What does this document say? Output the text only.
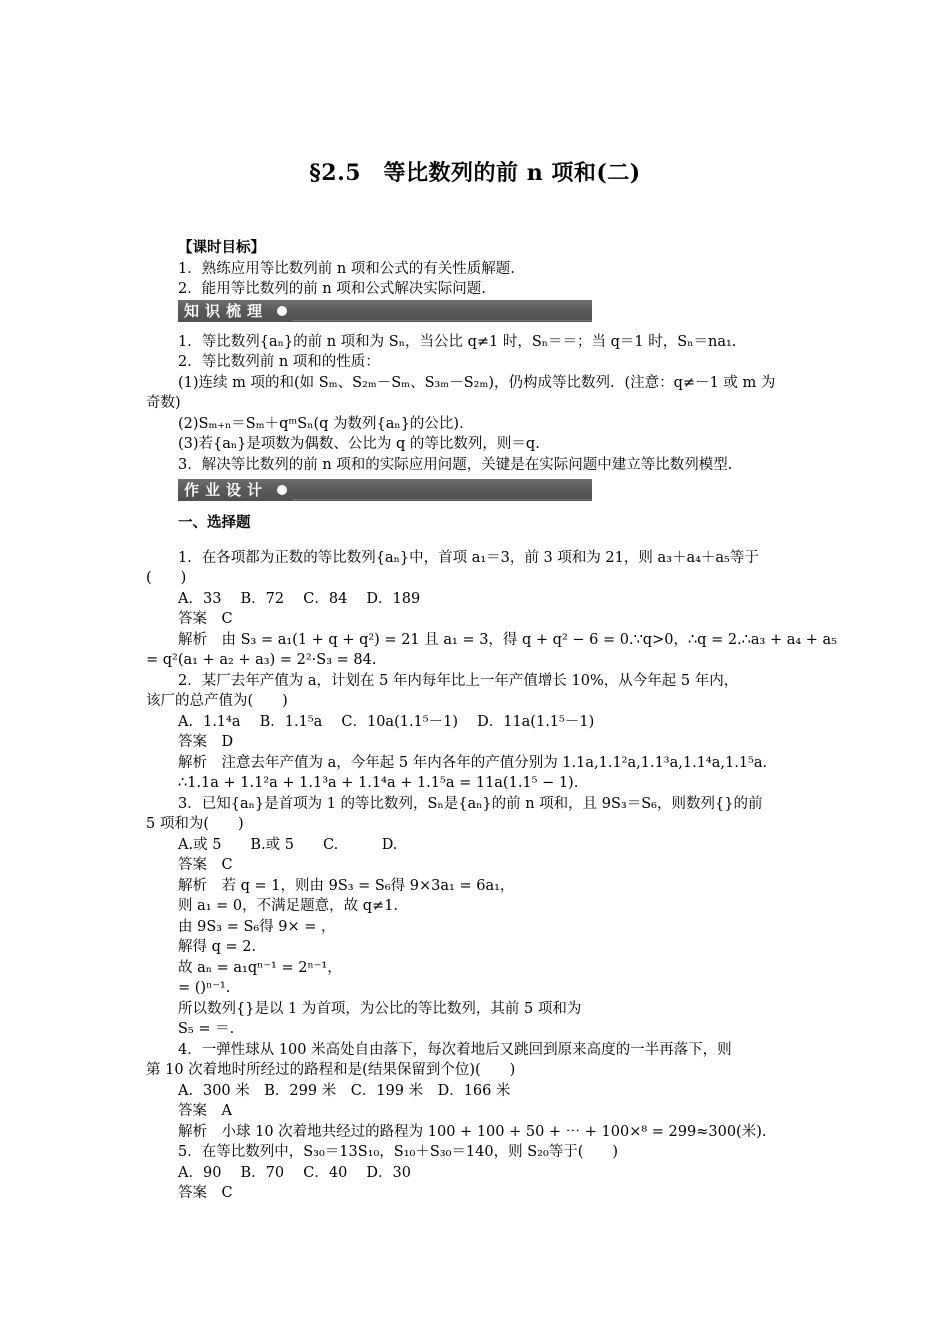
§2.5　等比数列的前 n 项和(二)
【课时目标】
1．熟练应用等比数列前 n 项和公式的有关性质解题.
2．能用等比数列的前 n 项和公式解决实际问题.
知识梳理
1．等比数列{aₙ}的前 n 项和为 Sₙ，当公比 q≠1 时，Sₙ＝＝；当 q＝1 时，Sₙ＝na₁.
2．等比数列前 n 项和的性质：
(1)连续 m 项的和(如 Sₘ、S₂ₘ－Sₘ、S₃ₘ－S₂ₘ)，仍构成等比数列．(注意：q≠－1 或 m 为
奇数)
(2)Sₘ₊ₙ＝Sₘ＋qᵐSₙ(q 为数列{aₙ}的公比)．
(3)若{aₙ}是项数为偶数、公比为 q 的等比数列，则＝q.
3．解决等比数列的前 n 项和的实际应用问题，关键是在实际问题中建立等比数列模型.
作业设计
一、选择题
1．在各项都为正数的等比数列{aₙ}中，首项 a₁＝3，前 3 项和为 21，则 a₃＋a₄＋a₅等于
(　　)
A．33　 B．72　 C．84　 D．189
答案　C
解析　由 S₃ = a₁(1 + q + q²) = 21 且 a₁ = 3，得 q + q² − 6 = 0.∵q>0，∴q = 2.∴a₃ + a₄ + a₅
= q²(a₁ + a₂ + a₃) = 2²·S₃ = 84.
2．某厂去年产值为 a，计划在 5 年内每年比上一年产值增长 10%，从今年起 5 年内，
该厂的总产值为(　　)
A．1.1⁴a　 B．1.1⁵a　 C．10a(1.1⁵－1)　 D．11a(1.1⁵－1)
答案　D
解析　注意去年产值为 a，今年起 5 年内各年的产值分别为 1.1a,1.1²a,1.1³a,1.1⁴a,1.1⁵a.
∴1.1a + 1.1²a + 1.1³a + 1.1⁴a + 1.1⁵a = 11a(1.1⁵ − 1).
3．已知{aₙ}是首项为 1 的等比数列，Sₙ是{aₙ}的前 n 项和，且 9S₃＝S₆，则数列{}的前
5 项和为(　　)
A.或 5　　B.或 5　　C.　　　D.
答案　C
解析　若 q = 1，则由 9S₃ = S₆得 9×3a₁ = 6a₁，
则 a₁ = 0，不满足题意，故 q≠1.
由 9S₃ = S₆得 9× = ，
解得 q = 2.
故 aₙ = a₁qⁿ⁻¹ = 2ⁿ⁻¹，
= ()ⁿ⁻¹.
所以数列{}是以 1 为首项，为公比的等比数列，其前 5 项和为
S₅ = ＝.
4．一弹性球从 100 米高处自由落下，每次着地后又跳回到原来高度的一半再落下，则
第 10 次着地时所经过的路程和是(结果保留到个位)(　　)
A．300 米　B．299 米　C．199 米　D．166 米
答案　A
解析　小球 10 次着地共经过的路程为 100 + 100 + 50 + ⋯ + 100×⁸ = 299≈300(米).
5．在等比数列中，S₃₀＝13S₁₀，S₁₀＋S₃₀＝140，则 S₂₀等于(　　)
A．90　 B．70　 C．40　 D．30
答案　C
